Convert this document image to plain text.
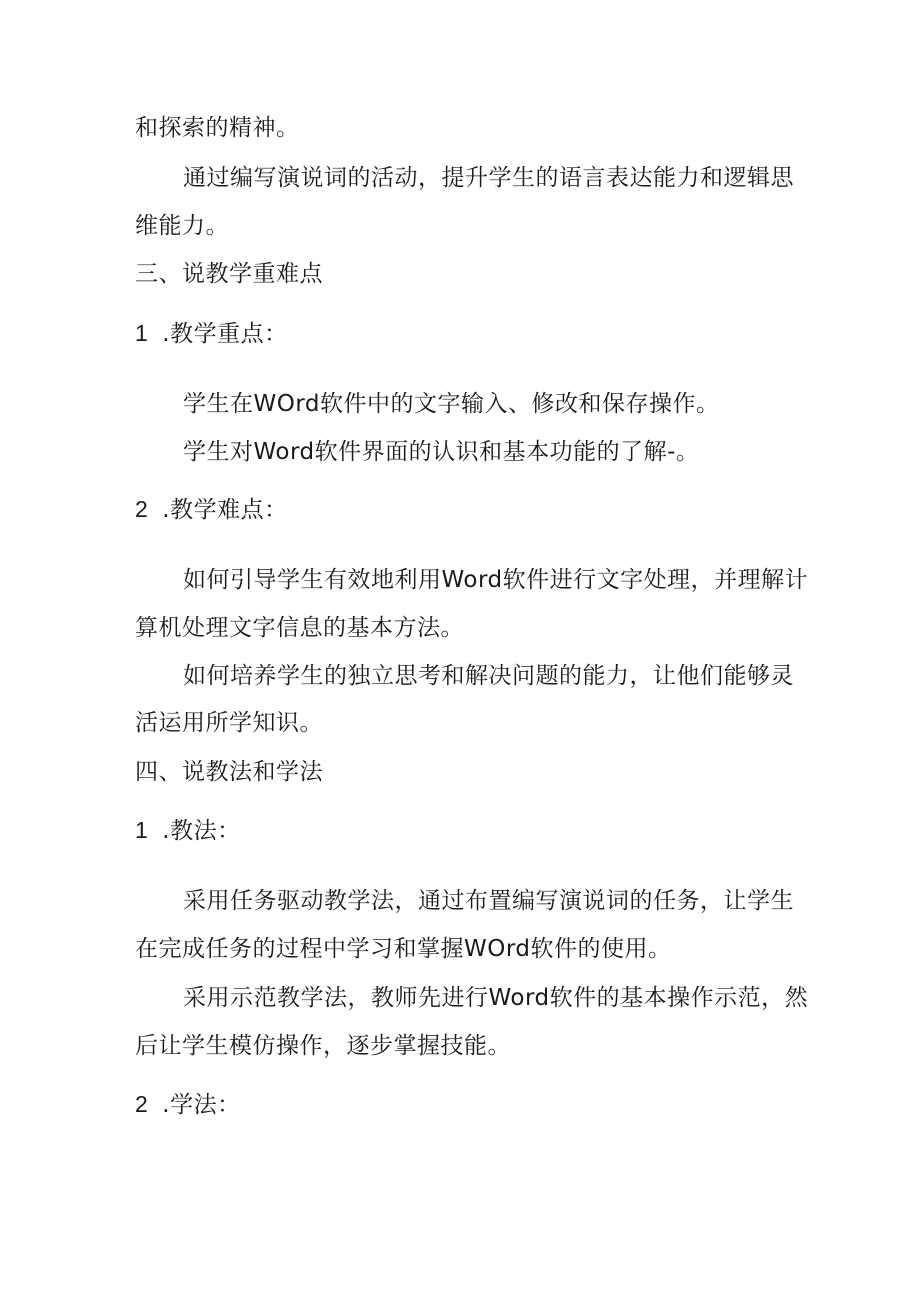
和探索的精神。
通过编写演说词的活动，提升学生的语言表达能力和逻辑思
维能力。
三、说教学重难点
1 .教学重点：
学生在WOrd软件中的文字输入、修改和保存操作。
学生对Word软件界面的认识和基本功能的了解-。
2 .教学难点：
如何引导学生有效地利用Word软件进行文字处理，并理解计
算机处理文字信息的基本方法。
如何培养学生的独立思考和解决问题的能力，让他们能够灵
活运用所学知识。
四、说教法和学法
1 .教法：
采用任务驱动教学法，通过布置编写演说词的任务，让学生
在完成任务的过程中学习和掌握WOrd软件的使用。
采用示范教学法，教师先进行Word软件的基本操作示范，然
后让学生模仿操作，逐步掌握技能。
2 .学法：
